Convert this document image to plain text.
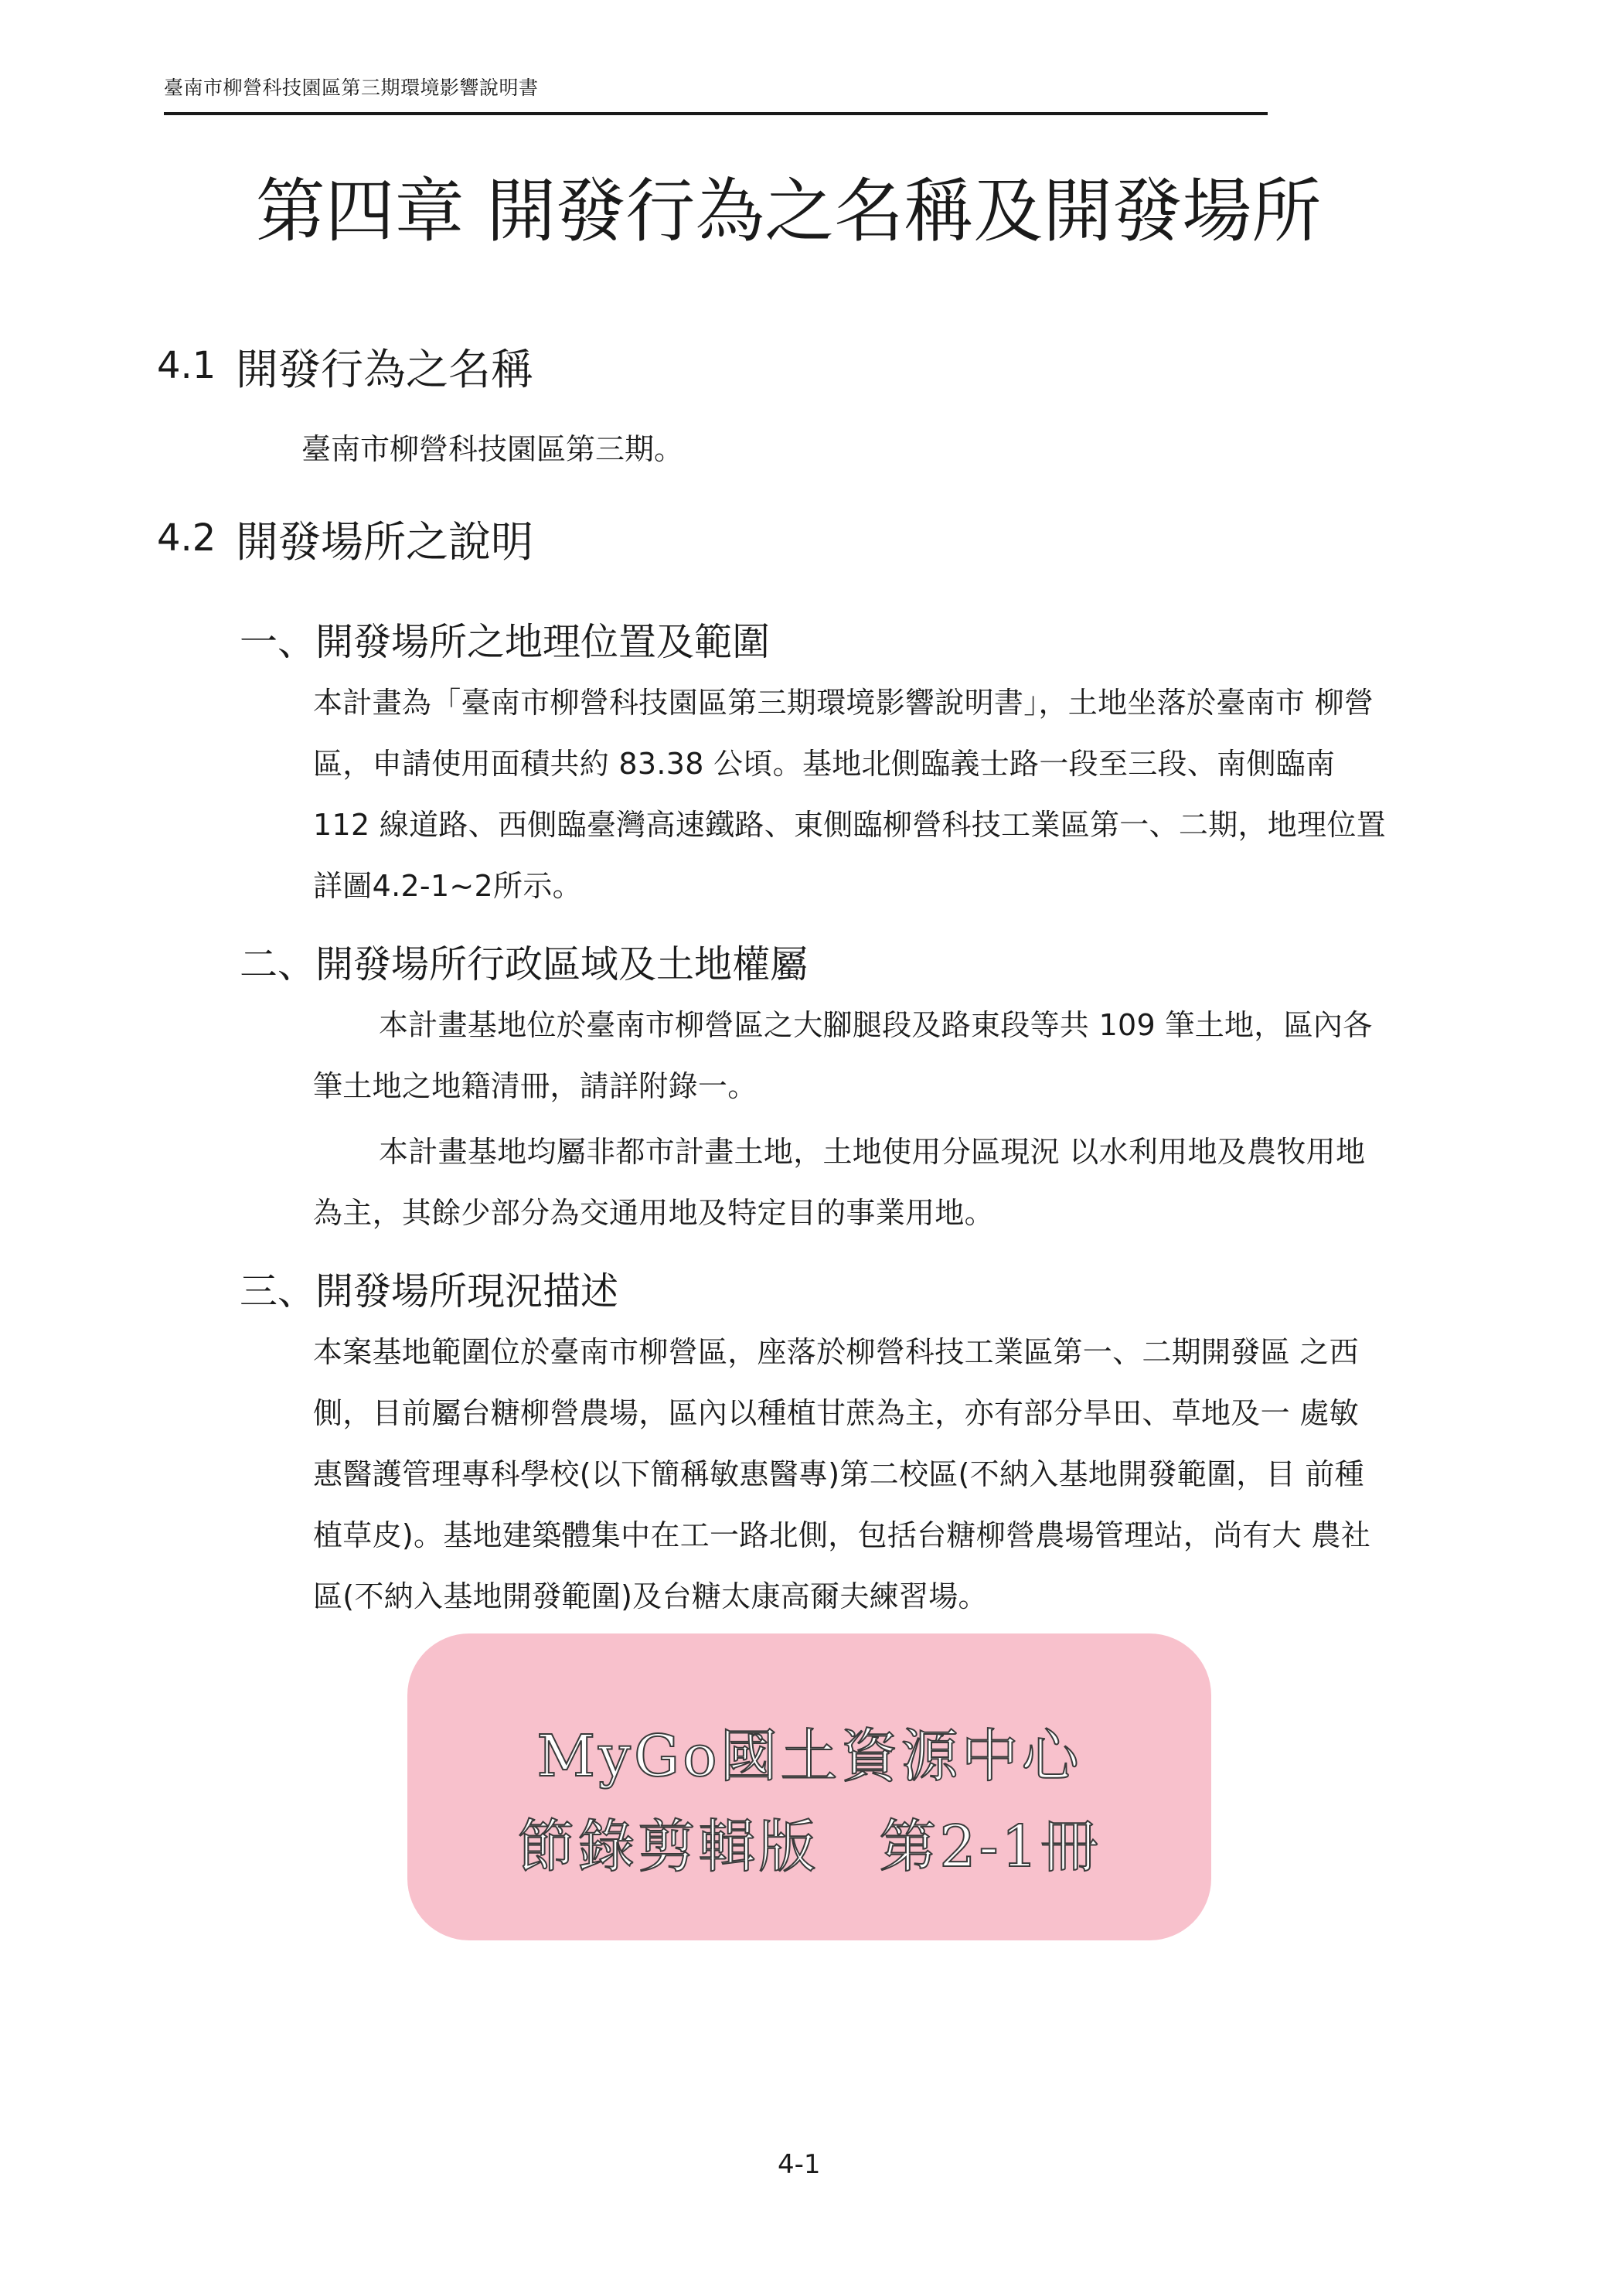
臺南市柳營科技園區第三期環境影響說明書
第四章 開發行為之名稱及開發場所
4.1 開發行為之名稱
臺南市柳營科技園區第三期。
4.2 開發場所之說明
一、開發場所之地理位置及範圍
本計畫為「臺南市柳營科技園區第三期環境影響說明書」，土地坐落於臺南市 柳營
區，申請使用面積共約 83.38 公頃。基地北側臨義士路一段至三段、南側臨南
112 線道路、西側臨臺灣高速鐵路、東側臨柳營科技工業區第一、二期，地理位置
詳圖4.2-1~2所示。
二、開發場所行政區域及土地權屬
本計畫基地位於臺南市柳營區之大腳腿段及路東段等共 109 筆土地，區內各
筆土地之地籍清冊，請詳附錄一。
本計畫基地均屬非都市計畫土地，土地使用分區現況 以水利用地及農牧用地
為主，其餘少部分為交通用地及特定目的事業用地。
三、開發場所現況描述
本案基地範圍位於臺南市柳營區，座落於柳營科技工業區第一、二期開發區 之西
側，目前屬台糖柳營農場，區內以種植甘蔗為主，亦有部分旱田、草地及一 處敏
惠醫護管理專科學校(以下簡稱敏惠醫專)第二校區(不納入基地開發範圍，目 前種
植草皮)。基地建築體集中在工一路北側，包括台糖柳營農場管理站，尚有大 農社
區(不納入基地開發範圍)及台糖太康高爾夫練習場。
MyGo國土資源中心
節錄剪輯版　第2-1冊
4-1
